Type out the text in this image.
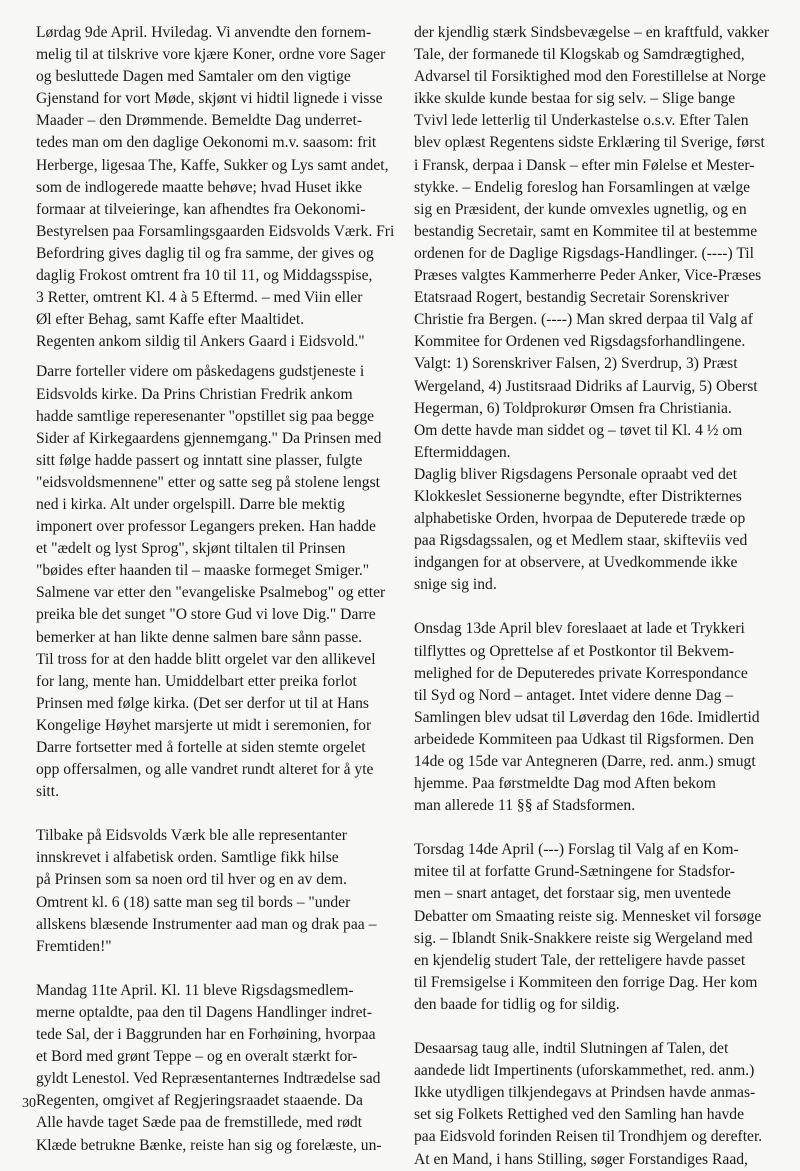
Lørdag 9de April. Hviledag. Vi anvendte den fornem-
melig til at tilskrive vore kjære Koner, ordne vore Sager
og besluttede Dagen med Samtaler om den vigtige
Gjenstand for vort Møde, skjønt vi hidtil lignede i visse
Maader – den Drømmende. Bemeldte Dag underret-
tedes man om den daglige Oekonomi m.v. saasom: frit
Herberge, ligesaa The, Kaffe, Sukker og Lys samt andet,
som de indlogerede maatte behøve; hvad Huset ikke
formaar at tilveieringe, kan afhendtes fra Oekonomi-
Bestyrelsen paa Forsamlingsgaarden Eidsvolds Værk. Fri
Befordring gives daglig til og fra samme, der gives og
daglig Frokost omtrent fra 10 til 11, og Middagsspise,
3 Retter, omtrent Kl. 4 à 5 Eftermd. – med Viin eller
Øl efter Behag, samt Kaffe efter Maaltidet.
Regenten ankom sildig til Ankers Gaard i Eidsvold."
Darre forteller videre om påskedagens gudstjeneste i
Eidsvolds kirke. Da Prins Christian Fredrik ankom
hadde samtlige reperesenanter "opstillet sig paa begge
Sider af Kirkegaardens gjennemgang." Da Prinsen med
sitt følge hadde passert og inntatt sine plasser, fulgte
"eidsvoldsmennene" etter og satte seg på stolene lengst
ned i kirka. Alt under orgelspill. Darre ble mektig
imponert over professor Legangers preken. Han hadde
et "ædelt og lyst Sprog", skjønt tiltalen til Prinsen
"bøides efter haanden til – maaske formeget Smiger."
Salmene var etter den "evangeliske Psalmebog" og etter
preika ble det sunget "O store Gud vi love Dig." Darre
bemerker at han likte denne salmen bare sånn passe.
Til tross for at den hadde blitt orgelet var den allikevel
for lang, mente han. Umiddelbart etter preika forlot
Prinsen med følge kirka. (Det ser derfor ut til at Hans
Kongelige Høyhet marsjerte ut midt i seremonien, for
Darre fortsetter med å fortelle at siden stemte orgelet
opp offersalmen, og alle vandret rundt alteret for å yte
sitt.
Tilbake på Eidsvolds Værk ble alle representanter
innskrevet i alfabetisk orden. Samtlige fikk hilse
på Prinsen som sa noen ord til hver og en av dem.
Omtrent kl. 6 (18) satte man seg til bords – "under
allskens blæsende Instrumenter aad man og drak paa –
Fremtiden!"
Mandag 11te April. Kl. 11 bleve Rigsdagsmedlem-
merne optaldte, paa den til Dagens Handlinger indret-
tede Sal, der i Baggrunden har en Forhøining, hvorpaa
et Bord med grønt Teppe – og en overalt stærkt for-
gyldt Lenestol. Ved Repræsentanternes Indtrædelse sad
Regenten, omgivet af Regjeringsraadet staaende. Da
Alle havde taget Sæde paa de fremstillede, med rødt
Klæde betrukne Bænke, reiste han sig og forelæste, un-
der kjendlig stærk Sindsbevægelse – en kraftfuld, vakker
Tale, der formanede til Klogskab og Samdrægtighed,
Advarsel til Forsiktighed mod den Forestillelse at Norge
ikke skulde kunde bestaa for sig selv. – Slige bange
Tvivl lede letterlig til Underkastelse o.s.v. Efter Talen
blev oplæst Regentens sidste Erklæring til Sverige, først
i Fransk, derpaa i Dansk – efter min Følelse et Mester-
stykke. – Endelig foreslog han Forsamlingen at vælge
sig en Præsident, der kunde omvexles ugnetlig, og en
bestandig Secretair, samt en Kommitee til at bestemme
ordenen for de Daglige Rigsdags-Handlinger. (----) Til
Præses valgtes Kammerherre Peder Anker, Vice-Præses
Etatsraad Rogert, bestandig Secretair Sorenskriver
Christie fra Bergen. (----) Man skred derpaa til Valg af
Kommitee for Ordenen ved Rigsdagsforhandlingene.
Valgt: 1) Sorenskriver Falsen, 2) Sverdrup, 3) Præst
Wergeland, 4) Justitsraad Didriks af Laurvig, 5) Oberst
Hegerman, 6) Toldprokurør Omsen fra Christiania.
Om dette havde man siddet og – tøvet til Kl. 4 ½ om
Eftermiddagen.
Daglig bliver Rigsdagens Personale opraabt ved det
Klokkeslet Sessionerne begyndte, efter Distrikternes
alphabetiske Orden, hvorpaa de Deputerede træde op
paa Rigsdagssalen, og et Medlem staar, skifteviis ved
indgangen for at observere, at Uvedkommende ikke
snige sig ind.
Onsdag 13de April blev foreslaaet at lade et Trykkeri
tilflyttes og Oprettelse af et Postkontor til Bekvem-
melighed for de Deputeredes private Korrespondance
til Syd og Nord – antaget. Intet videre denne Dag –
Samlingen blev udsat til Løverdag den 16de. Imidlertid
arbeidede Kommiteen paa Udkast til Rigsformen. Den
14de og 15de var Antegneren (Darre, red. anm.) smugt
hjemme. Paa førstmeldte Dag mod Aften bekom
man allerede 11 §§ af Stadsformen.
Torsdag 14de April (---) Forslag til Valg af en Kom-
mitee til at forfatte Grund-Sætningene for Stadsfor-
men – snart antaget, det forstaar sig, men uventede
Debatter om Smaating reiste sig. Mennesket vil forsøge
sig. – Iblandt Snik-Snakkere reiste sig Wergeland med
en kjendelig studert Tale, der retteligere havde passet
til Fremsigelse i Kommiteen den forrige Dag. Her kom
den baade for tidlig og for sildig.
Desaarsag taug alle, indtil Slutningen af Talen, det
aandede lidt Impertinents (uforskammethet, red. anm.)
Ikke utydligen tilkjendegavs at Prindsen havde anmas-
set sig Folkets Rettighed ved den Samling han havde
paa Eidsvold forinden Reisen til Trondhjem og derefter.
At en Mand, i hans Stilling, søger Forstandiges Raad,
30
